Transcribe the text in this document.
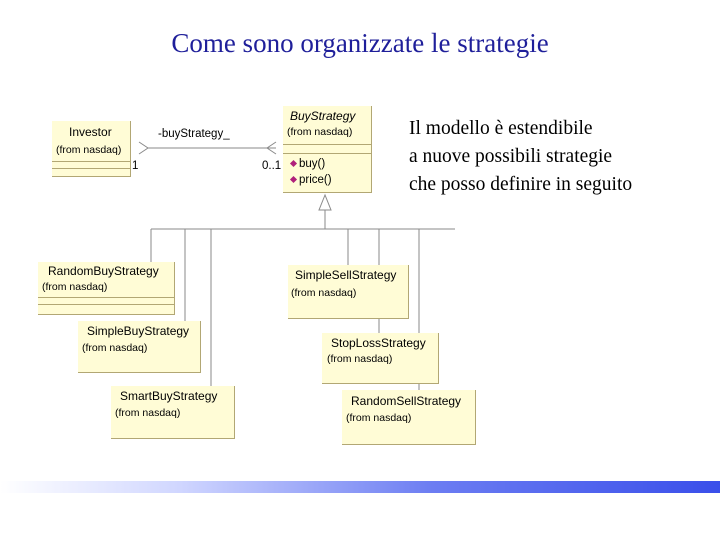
Come sono organizzate le strategie
Il modello è estendibile
a nuove possibili strategie
che posso definire in seguito
Investor
(from nasdaq)
BuyStrategy
(from nasdaq)
buy()
price()
-buyStrategy_
1	0..1
RandomBuyStrategy
(from nasdaq)
SimpleBuyStrategy
(from nasdaq)
SmartBuyStrategy
(from nasdaq)
SimpleSellStrategy
(from nasdaq)
StopLossStrategy
(from nasdaq)
RandomSellStrategy
(from nasdaq)
